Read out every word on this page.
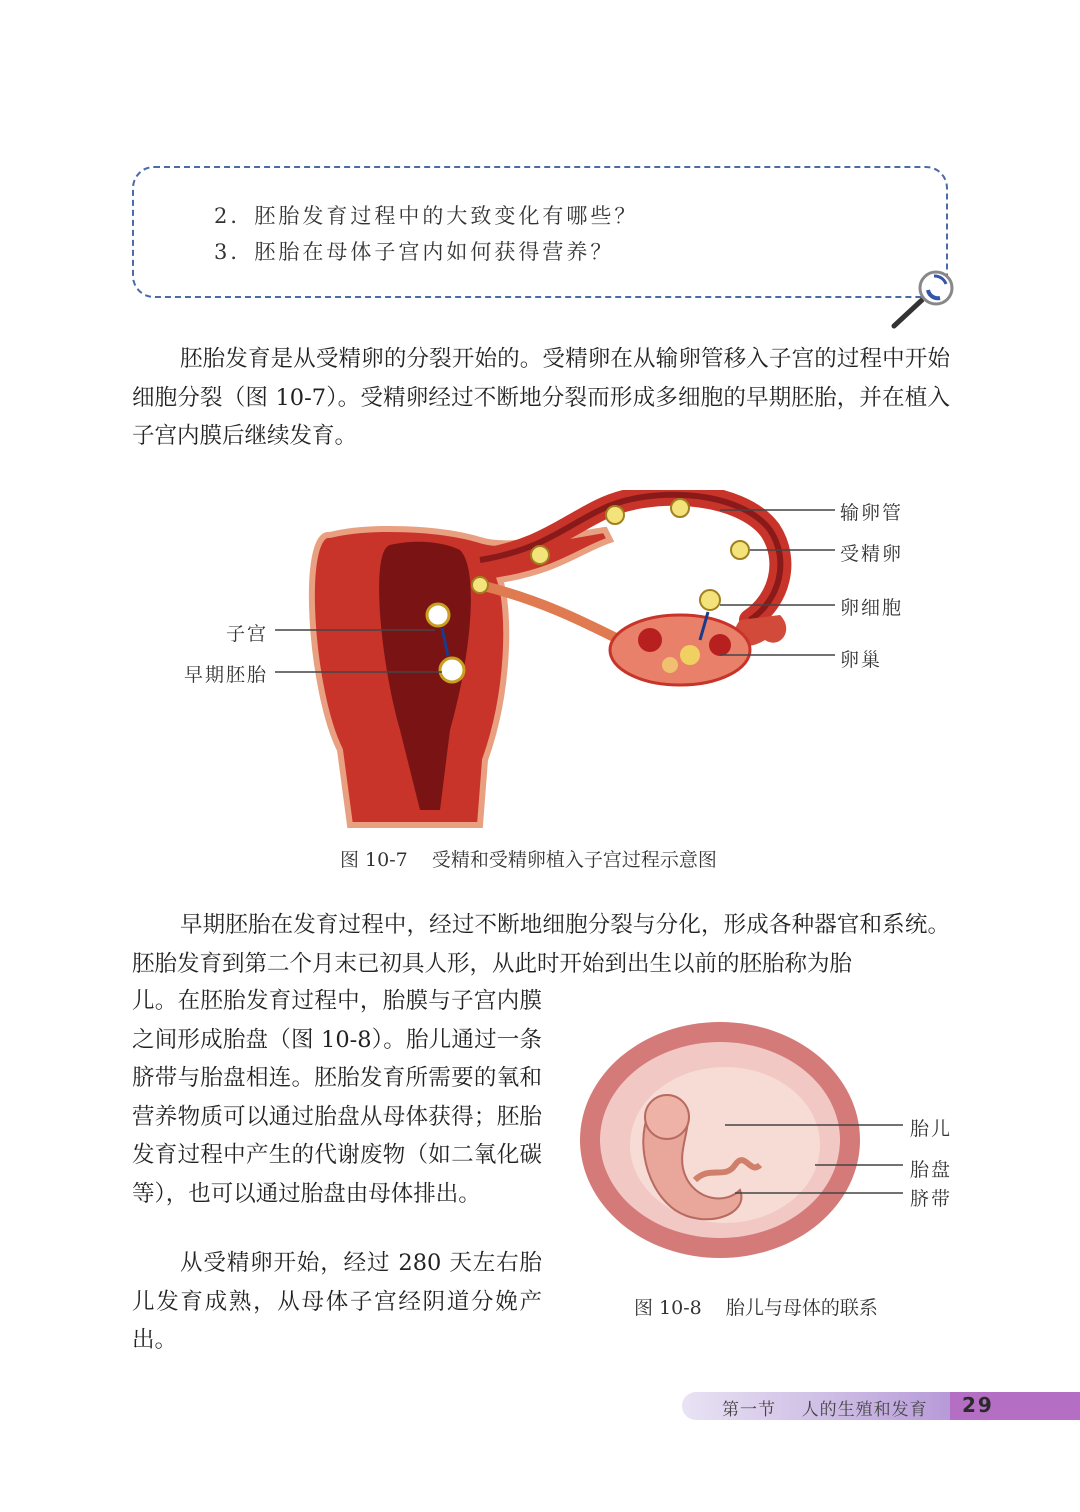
2．胚胎发育过程中的大致变化有哪些？
3．胚胎在母体子宫内如何获得营养？

胚胎发育是从受精卵的分裂开始的。受精卵在从输卵管移入子宫的过程中开始细胞分裂（图 10-7）。受精卵经过不断地分裂而形成多细胞的早期胚胎，并在植入子宫内膜后继续发育。

输卵管
受精卵
卵细胞
卵巢
子宫
早期胚胎
图 10-7    受精和受精卵植入子宫过程示意图

早期胚胎在发育过程中，经过不断地细胞分裂与分化，形成各种器官和系统。胚胎发育到第二个月末已初具人形，从此时开始到出生以前的胚胎称为胎

儿。在胚胎发育过程中，胎膜与子宫内膜之间形成胎盘（图 10-8）。胎儿通过一条脐带与胎盘相连。胚胎发育所需要的氧和营养物质可以通过胎盘从母体获得；胚胎发育过程中产生的代谢废物（如二氧化碳等），也可以通过胎盘由母体排出。

胎儿
胎盘
脐带
图 10-8    胎儿与母体的联系

从受精卵开始，经过 280 天左右胎儿发育成熟，从母体子宫经阴道分娩产出。

第一节    人的生殖和发育 29
